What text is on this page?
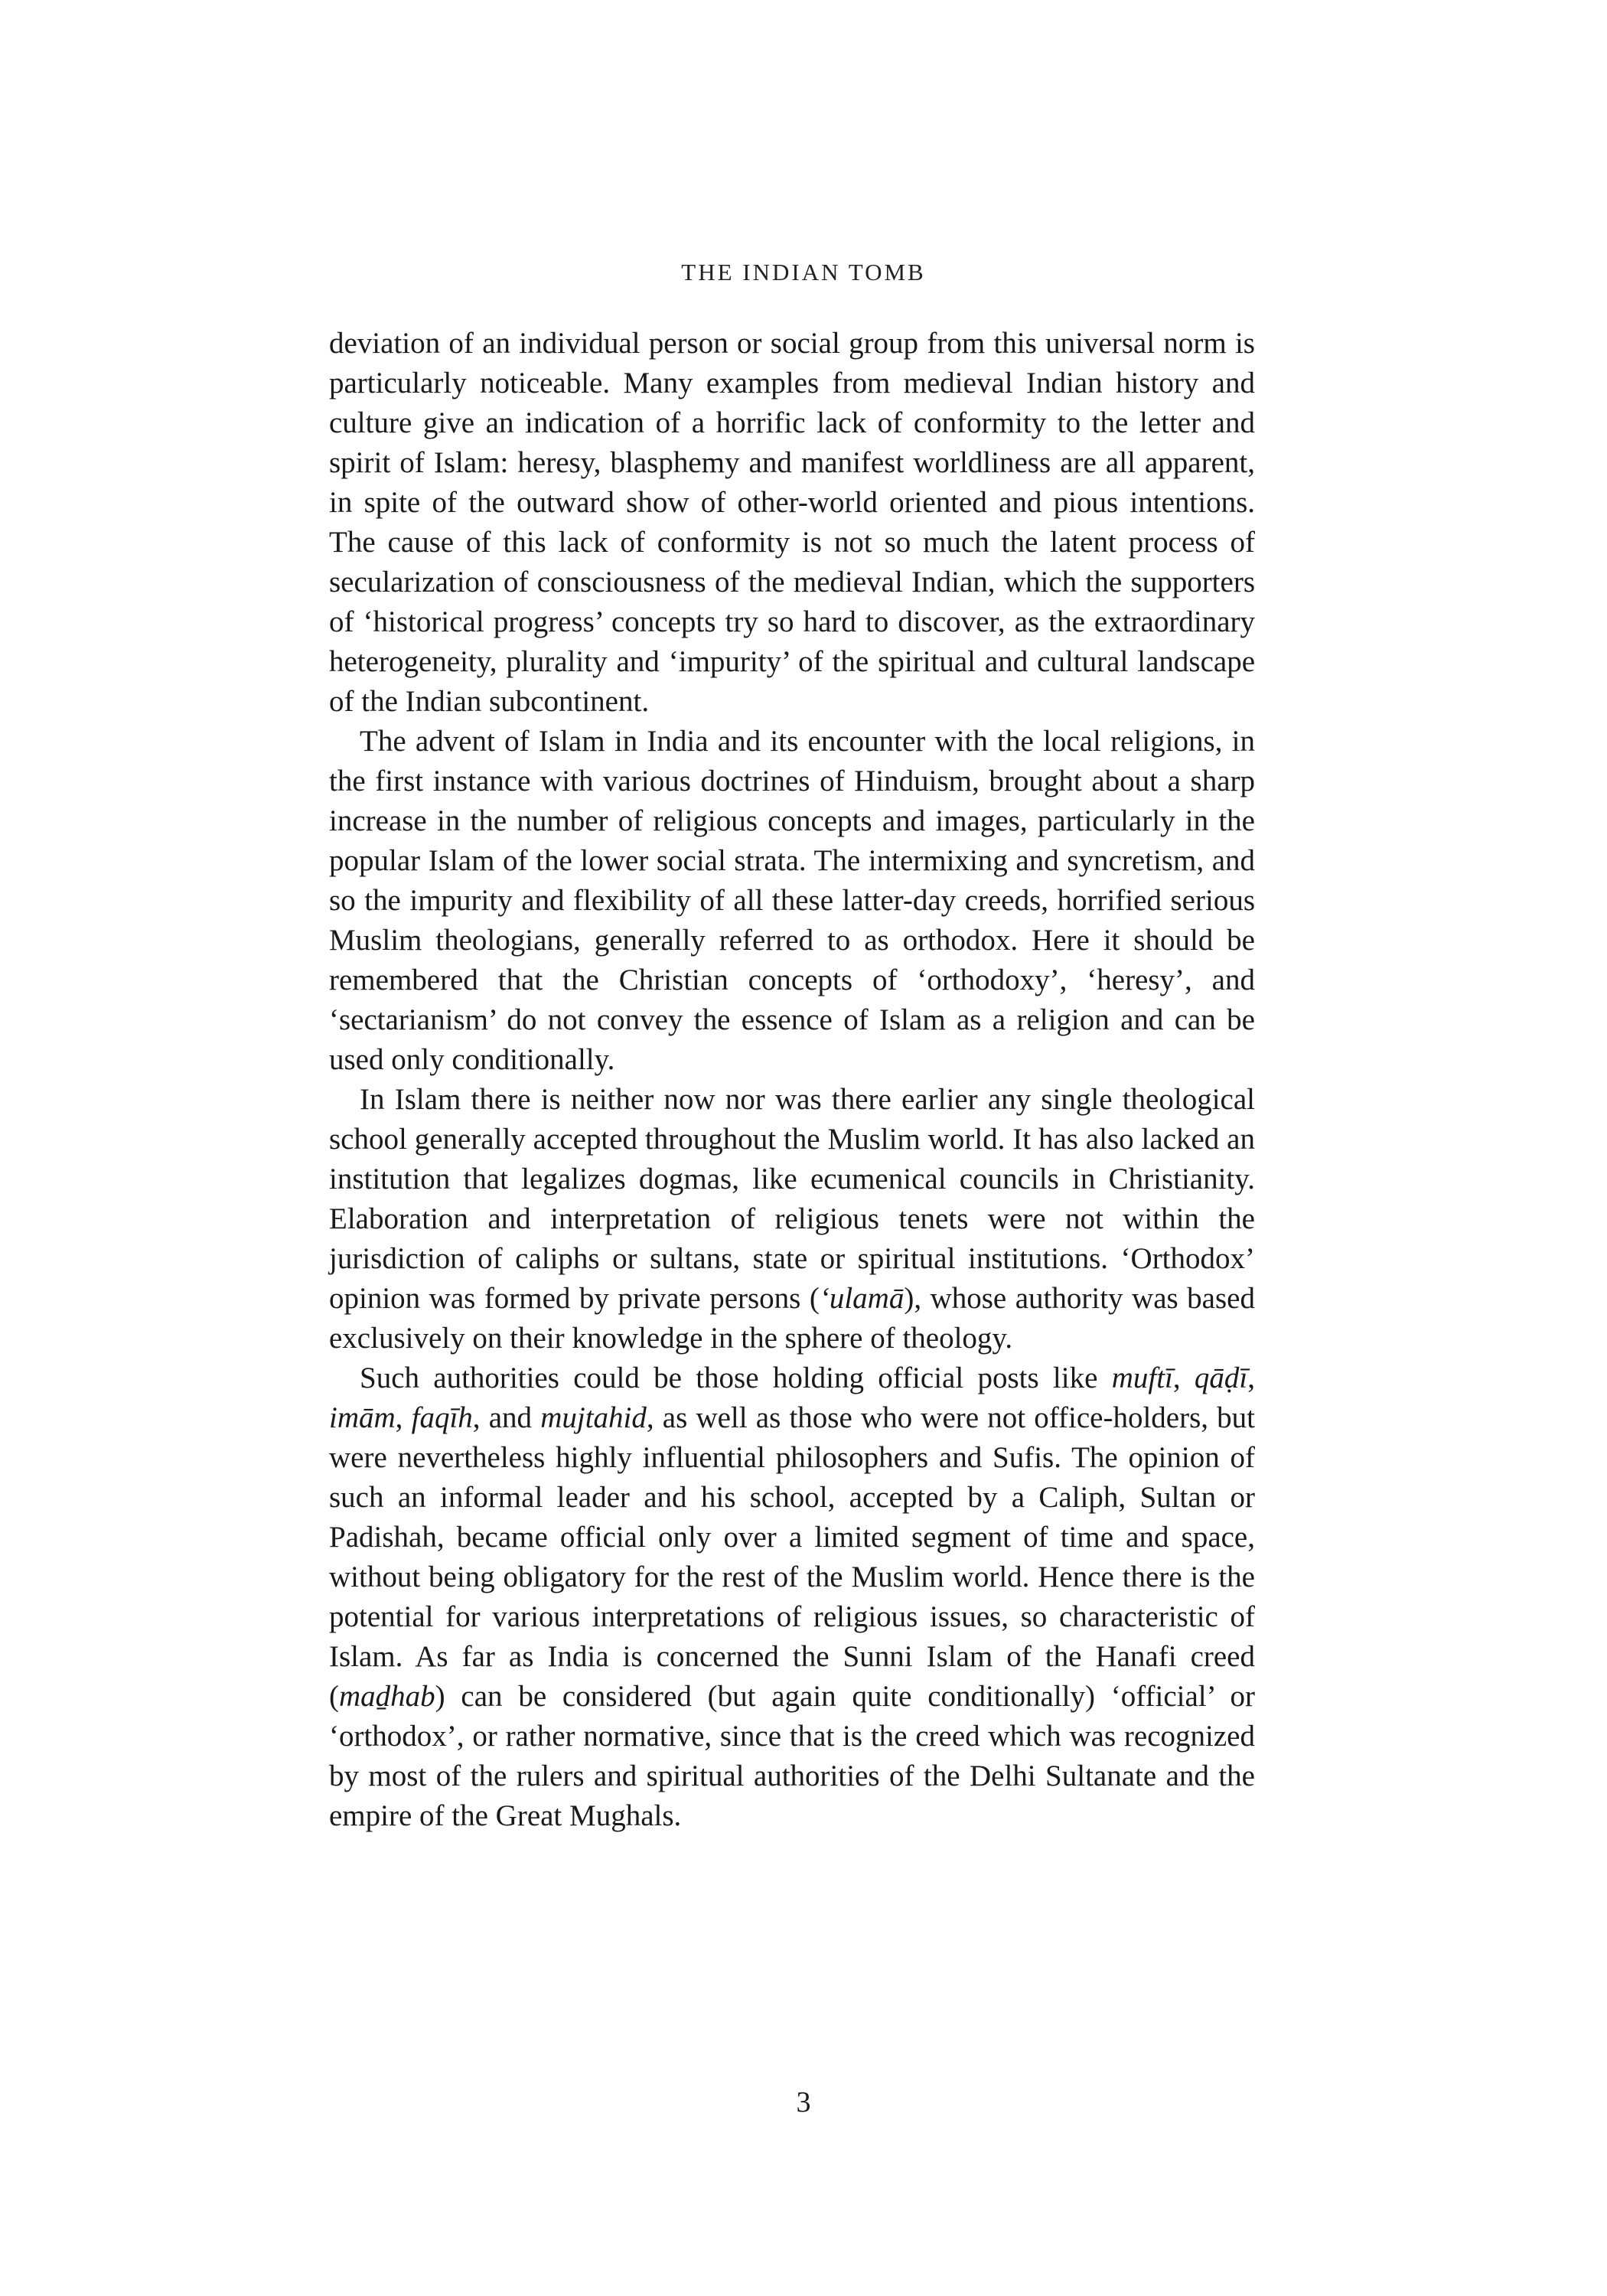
THE INDIAN TOMB

deviation of an individual person or social group from this universal norm is particularly noticeable. Many examples from medieval Indian history and culture give an indication of a horrific lack of conformity to the letter and spirit of Islam: heresy, blasphemy and manifest worldliness are all apparent, in spite of the outward show of other-world oriented and pious intentions. The cause of this lack of conformity is not so much the latent process of secularization of consciousness of the medieval Indian, which the supporters of ‘historical progress’ concepts try so hard to discover, as the extraordinary heterogeneity, plurality and ‘impurity’ of the spiritual and cultural landscape of the Indian subcontinent.

The advent of Islam in India and its encounter with the local religions, in the first instance with various doctrines of Hinduism, brought about a sharp increase in the number of religious concepts and images, particularly in the popular Islam of the lower social strata. The intermixing and syncretism, and so the impurity and flexibility of all these latter-day creeds, horrified serious Muslim theologians, generally referred to as orthodox. Here it should be remembered that the Christian concepts of ‘orthodoxy’, ‘heresy’, and ‘sectarianism’ do not convey the essence of Islam as a religion and can be used only conditionally.

In Islam there is neither now nor was there earlier any single theological school generally accepted throughout the Muslim world. It has also lacked an institution that legalizes dogmas, like ecumenical councils in Christianity. Elaboration and interpretation of religious tenets were not within the jurisdiction of caliphs or sultans, state or spiritual institutions. ‘Orthodox’ opinion was formed by private persons (‘ulamā), whose authority was based exclusively on their knowledge in the sphere of theology.

Such authorities could be those holding official posts like muftī, qāḍī, imām, faqīh, and mujtahid, as well as those who were not office-holders, but were nevertheless highly influential philosophers and Sufis. The opinion of such an informal leader and his school, accepted by a Caliph, Sultan or Padishah, became official only over a limited segment of time and space, without being obligatory for the rest of the Muslim world. Hence there is the potential for various interpretations of religious issues, so characteristic of Islam. As far as India is concerned the Sunni Islam of the Hanafi creed (maḏhab) can be considered (but again quite conditionally) ‘official’ or ‘orthodox’, or rather normative, since that is the creed which was recognized by most of the rulers and spiritual authorities of the Delhi Sultanate and the empire of the Great Mughals.

3
